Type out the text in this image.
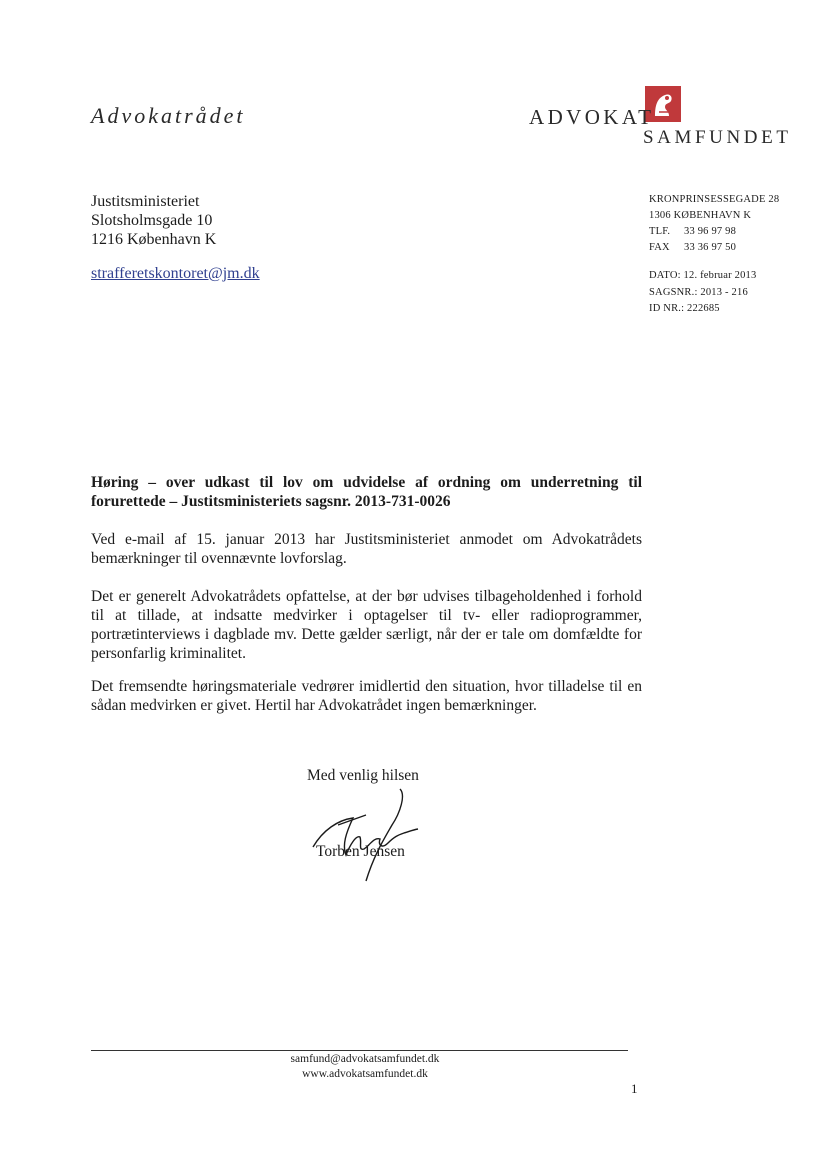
Advokatrådet	ADVOKAT
SAMFUNDET
Justitsministeriet
Slotsholmsgade 10
1216 København K
strafferetskontoret@jm.dk
KRONPRINSESSEGADE 28
1306 KØBENHAVN K
TLF. 33 96 97 98
FAX 33 36 97 50
DATO: 12. februar 2013
SAGSNR.: 2013 - 216
ID NR.: 222685
Høring – over udkast til lov om udvidelse af ordning om underretning til forurettede – Justitsministeriets sagsnr. 2013-731-0026
Ved e-mail af 15. januar 2013 har Justitsministeriet anmodet om Advokatrådets bemærkninger til ovennævnte lovforslag.
Det er generelt Advokatrådets opfattelse, at der bør udvises tilbageholdenhed i forhold til at tillade, at indsatte medvirker i optagelser til tv- eller radioprogrammer, portrætinterviews i dagblade mv. Dette gælder særligt, når der er tale om domfældte for personfarlig kriminalitet.
Det fremsendte høringsmateriale vedrører imidlertid den situation, hvor tilladelse til en sådan medvirken er givet. Hertil har Advokatrådet ingen bemærkninger.
Med venlig hilsen
Torben Jensen
samfund@advokatsamfundet.dk
www.advokatsamfundet.dk
1
